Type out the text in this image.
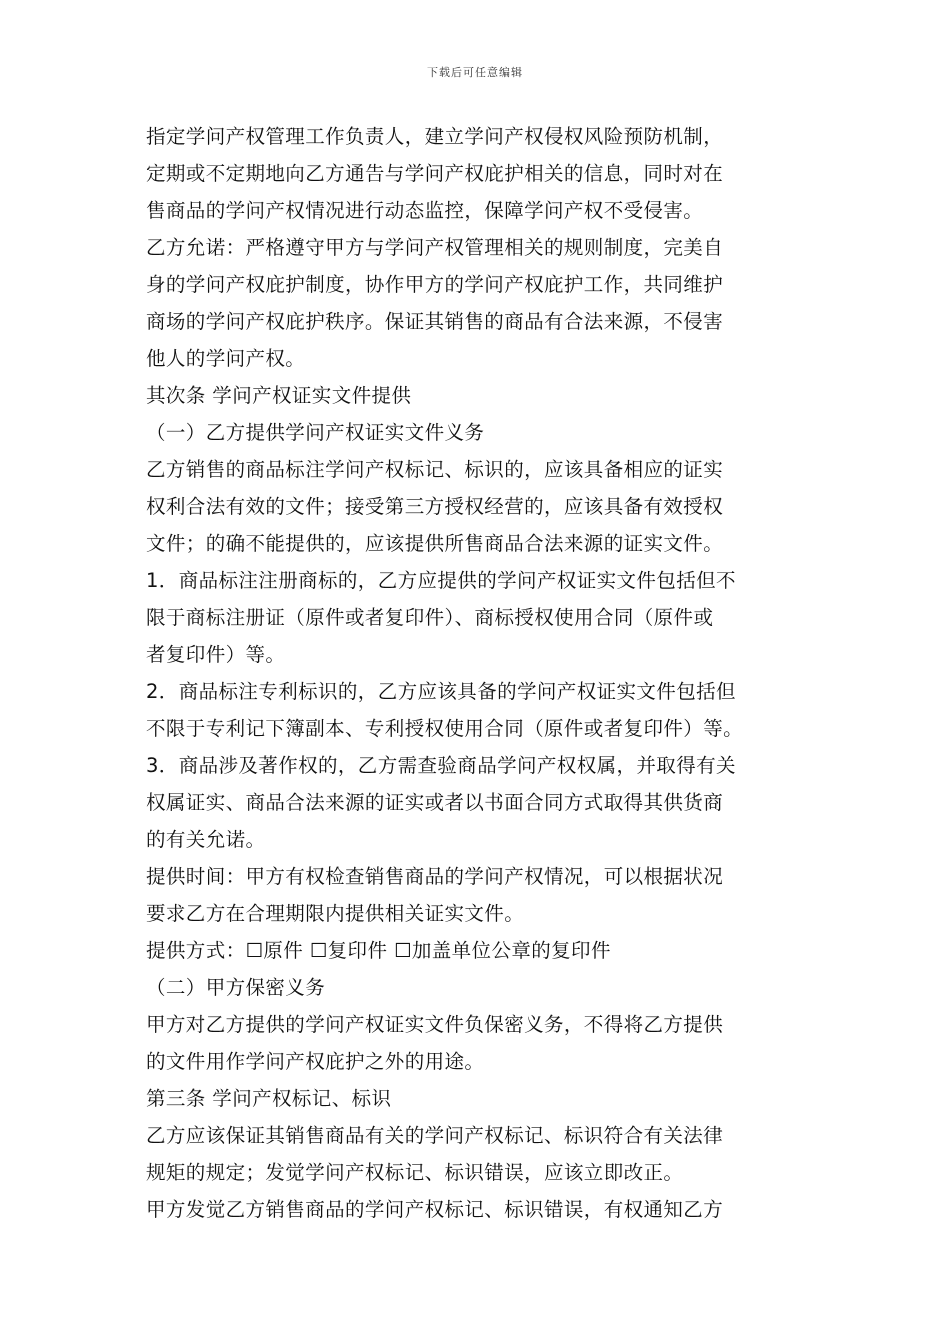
下载后可任意编辑
指定学问产权管理工作负责人，建立学问产权侵权风险预防机制，
定期或不定期地向乙方通告与学问产权庇护相关的信息，同时对在
售商品的学问产权情况进行动态监控，保障学问产权不受侵害。
乙方允诺：严格遵守甲方与学问产权管理相关的规则制度，完美自
身的学问产权庇护制度，协作甲方的学问产权庇护工作，共同维护
商场的学问产权庇护秩序。保证其销售的商品有合法来源，不侵害
他人的学问产权。
其次条 学问产权证实文件提供
（一）乙方提供学问产权证实文件义务
乙方销售的商品标注学问产权标记、标识的，应该具备相应的证实
权利合法有效的文件；接受第三方授权经营的，应该具备有效授权
文件；的确不能提供的，应该提供所售商品合法来源的证实文件。
1．商品标注注册商标的，乙方应提供的学问产权证实文件包括但不
限于商标注册证（原件或者复印件）、商标授权使用合同（原件或
者复印件）等。
2．商品标注专利标识的，乙方应该具备的学问产权证实文件包括但
不限于专利记下簿副本、专利授权使用合同（原件或者复印件）等。
3．商品涉及著作权的，乙方需查验商品学问产权权属，并取得有关
权属证实、商品合法来源的证实或者以书面合同方式取得其供货商
的有关允诺。
提供时间：甲方有权检查销售商品的学问产权情况，可以根据状况
要求乙方在合理期限内提供相关证实文件。
提供方式：☐原件 ☐复印件 ☐加盖单位公章的复印件
（二）甲方保密义务
甲方对乙方提供的学问产权证实文件负保密义务，不得将乙方提供
的文件用作学问产权庇护之外的用途。
第三条 学问产权标记、标识
乙方应该保证其销售商品有关的学问产权标记、标识符合有关法律
规矩的规定；发觉学问产权标记、标识错误，应该立即改正。
甲方发觉乙方销售商品的学问产权标记、标识错误，有权通知乙方
